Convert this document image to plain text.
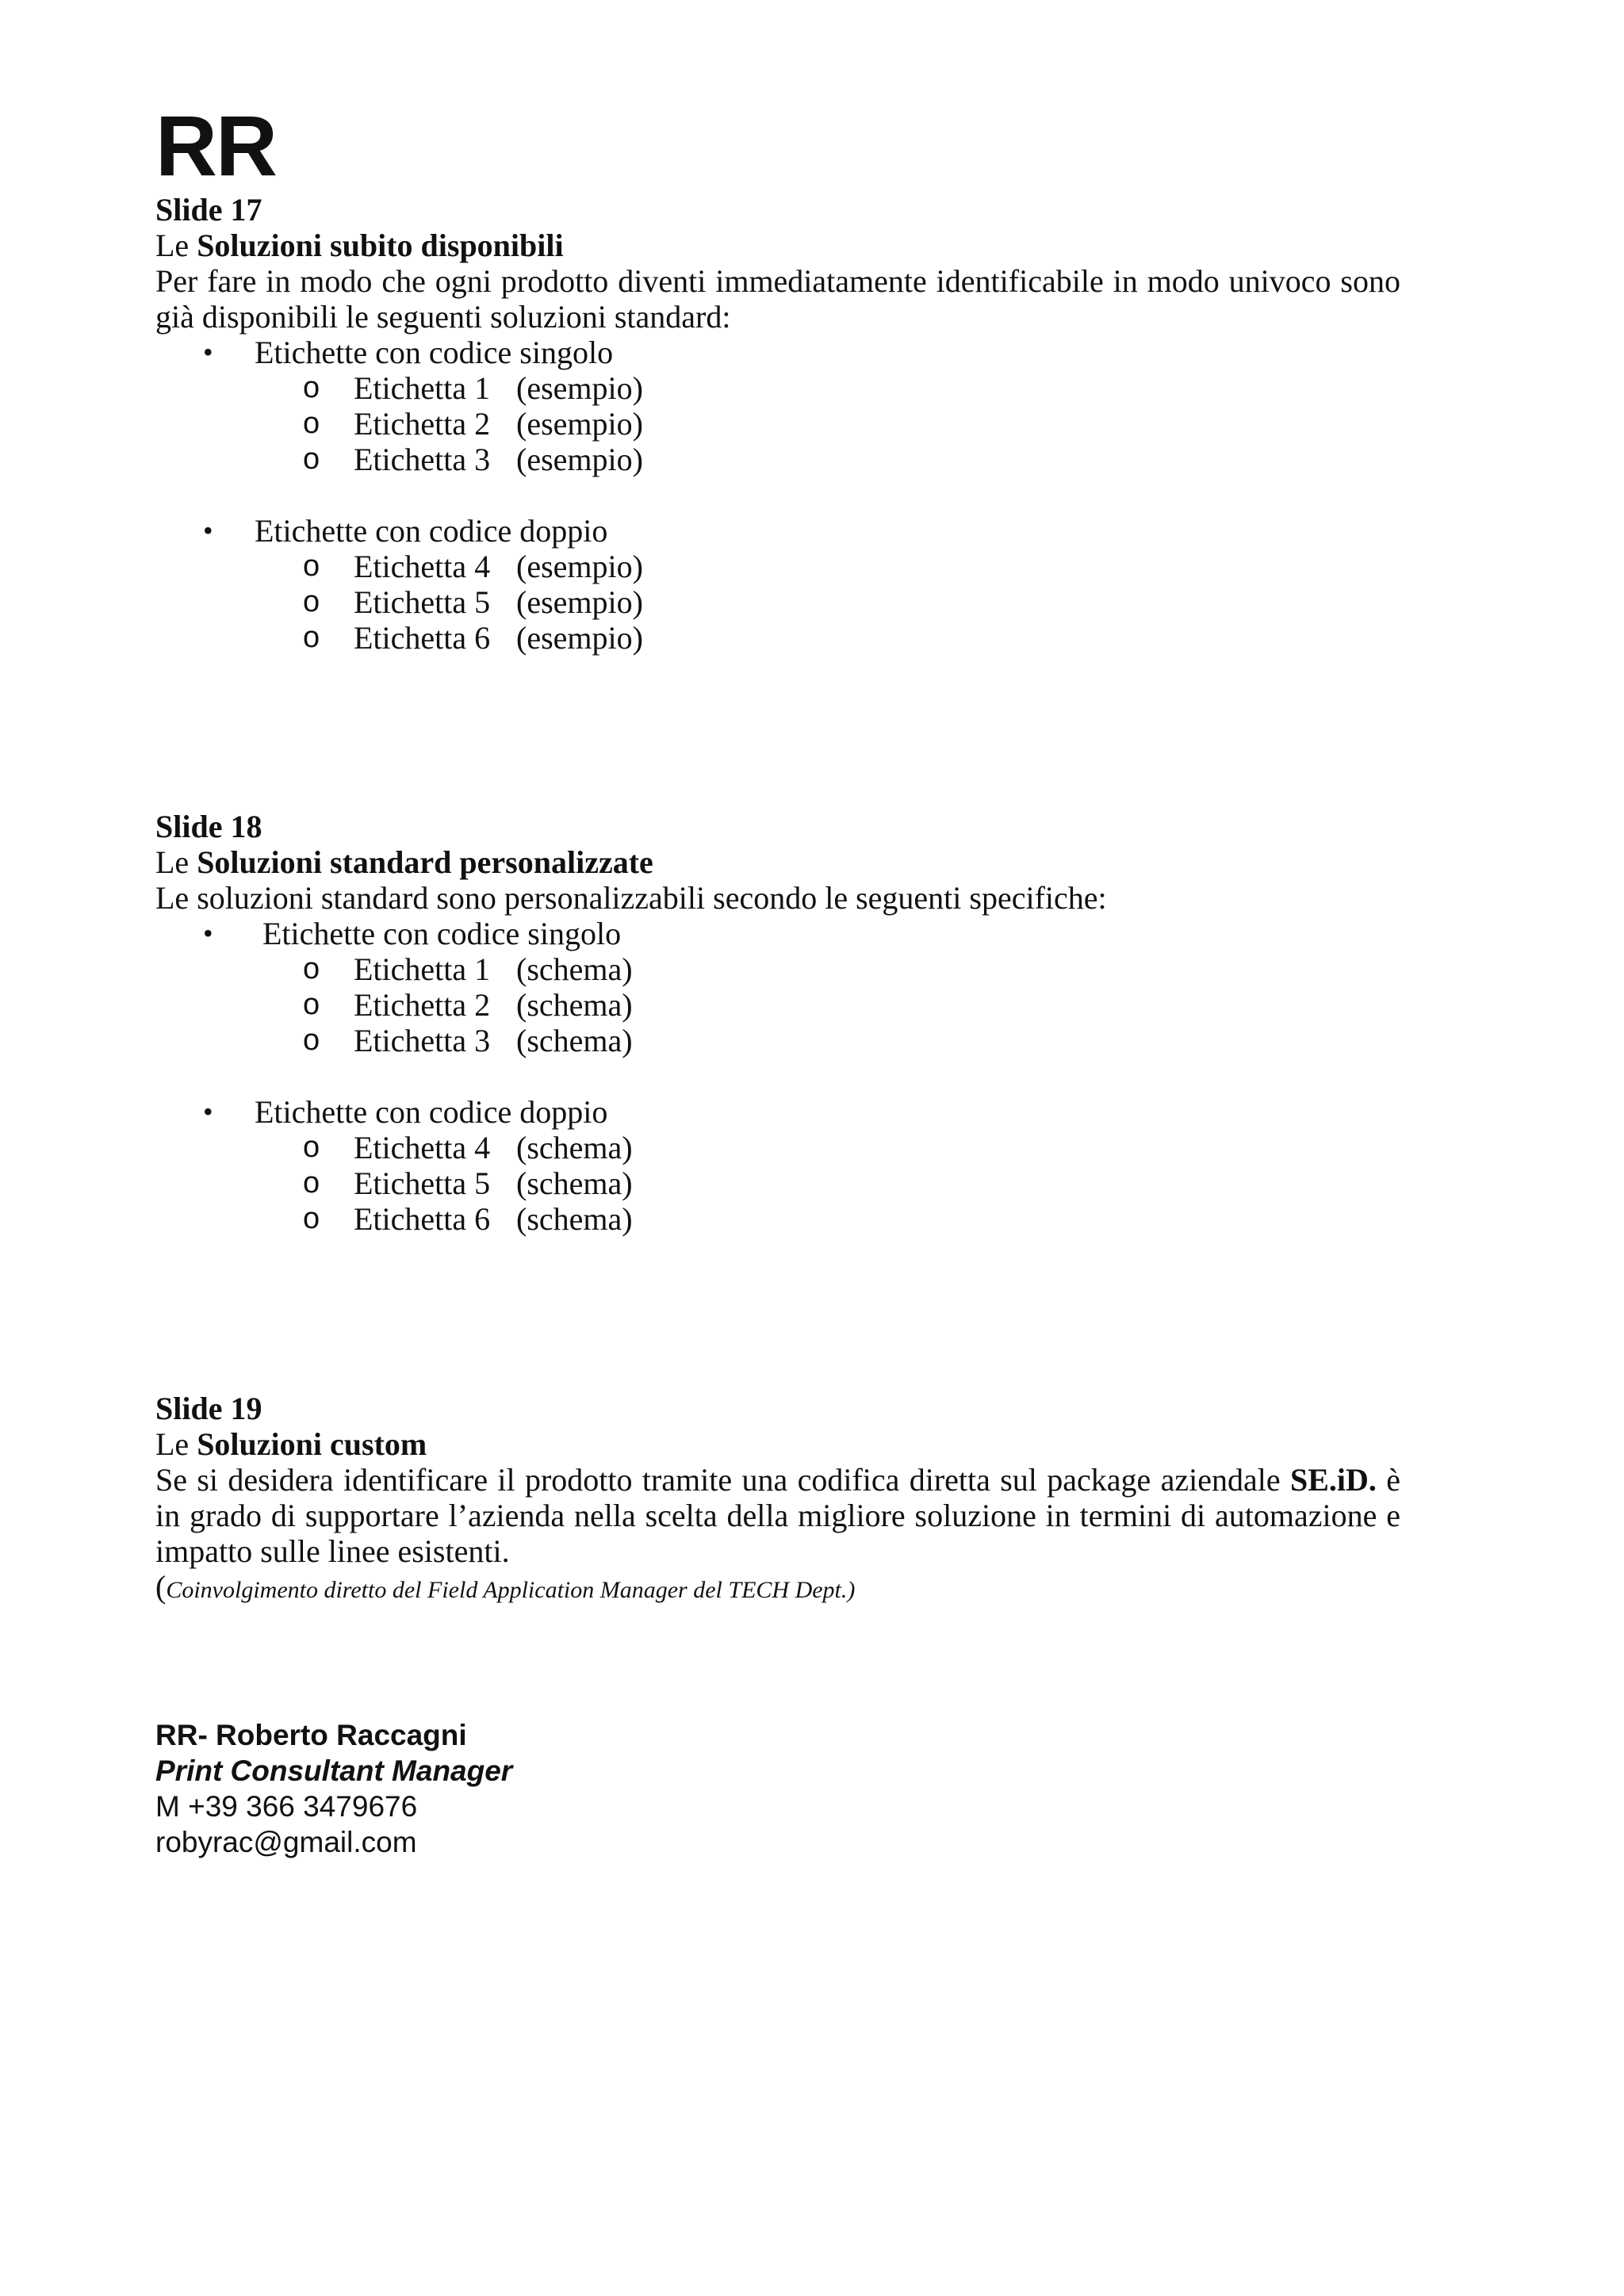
RR

Slide 17

Le Soluzioni subito disponibili

Per fare in modo che ogni prodotto diventi immediatamente identificabile in modo univoco sono già disponibili le seguenti soluzioni standard:

• Etichette con codice singolo
o Etichetta 1 (esempio)
o Etichetta 2 (esempio)
o Etichetta 3 (esempio)
• Etichette con codice doppio
o Etichetta 4 (esempio)
o Etichetta 5 (esempio)
o Etichetta 6 (esempio)

Slide 18

Le Soluzioni standard personalizzate

Le soluzioni standard sono personalizzabili secondo le seguenti specifiche:

• Etichette con codice singolo
o Etichetta 1 (schema)
o Etichetta 2 (schema)
o Etichetta 3 (schema)
• Etichette con codice doppio
o Etichetta 4 (schema)
o Etichetta 5 (schema)
o Etichetta 6 (schema)

Slide 19

Le Soluzioni custom

Se si desidera identificare il prodotto tramite una codifica diretta sul package aziendale SE.iD. è in grado di supportare l’azienda nella scelta della migliore soluzione in termini di automazione e impatto sulle linee esistenti.

(Coinvolgimento diretto del Field Application Manager del TECH Dept.)

RR- Roberto Raccagni
Print Consultant Manager
M +39 366 3479676
robyrac@gmail.com
